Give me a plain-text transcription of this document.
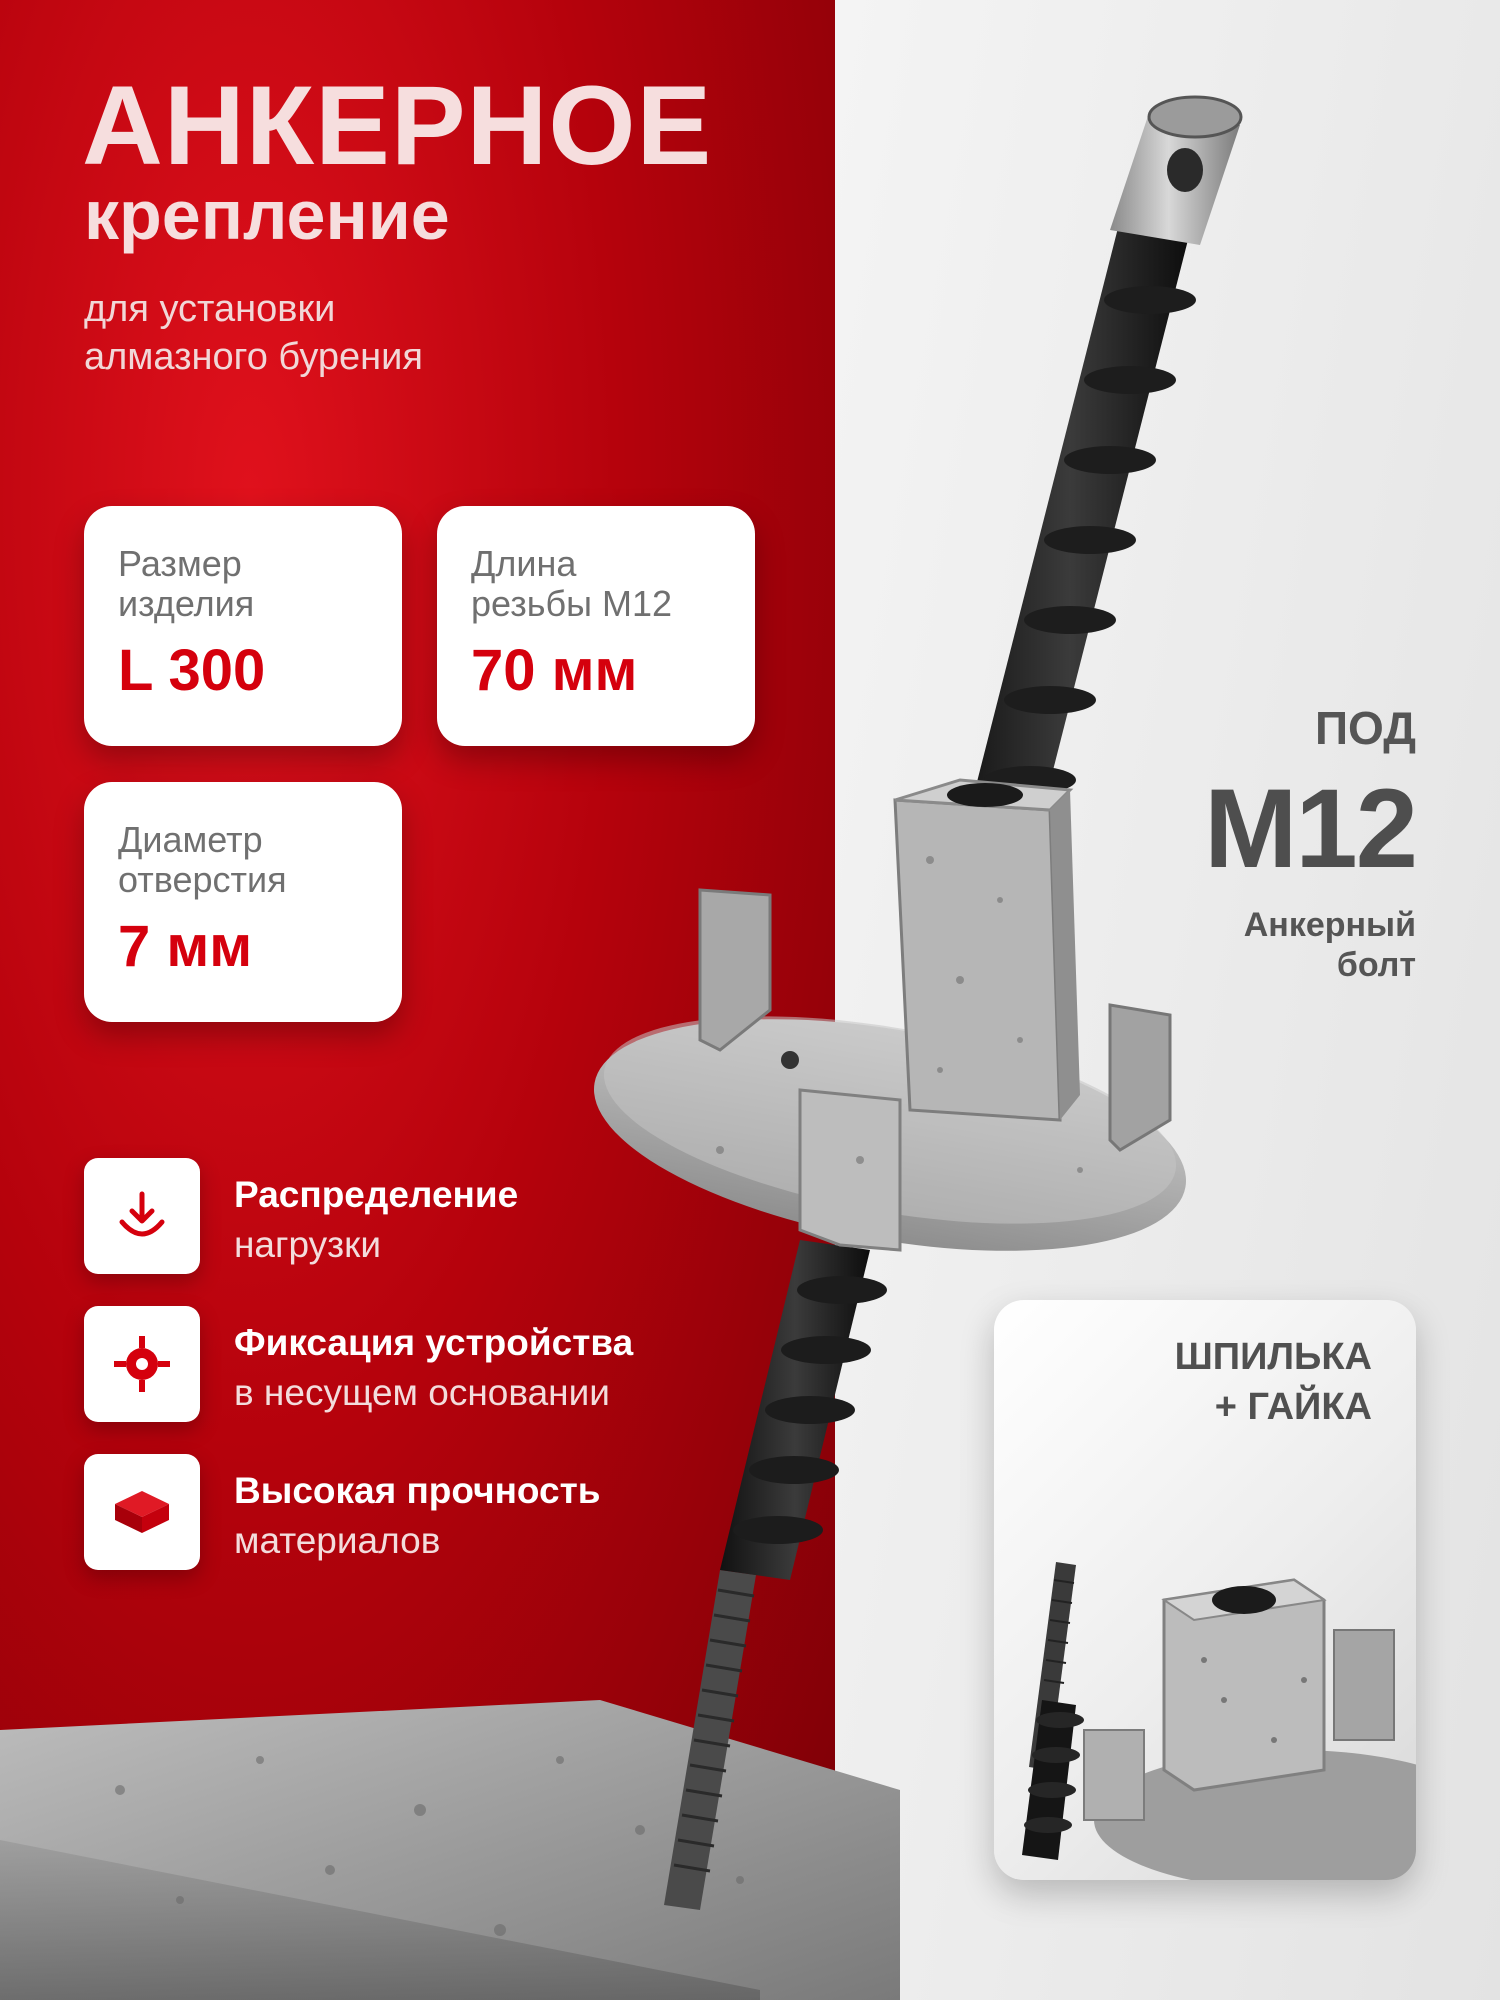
АНКЕРНОЕ
крепление
для установки
алмазного бурения
Размер
изделия
L 300
Длина
резьбы М12
70 мм
Диаметр
отверстия
7 мм
Распределение
нагрузки
Фиксация устройства
в несущем основании
Высокая прочность
материалов
ПОД
М12
Анкерный
болт
ШПИЛЬКА
+ ГАЙКА
